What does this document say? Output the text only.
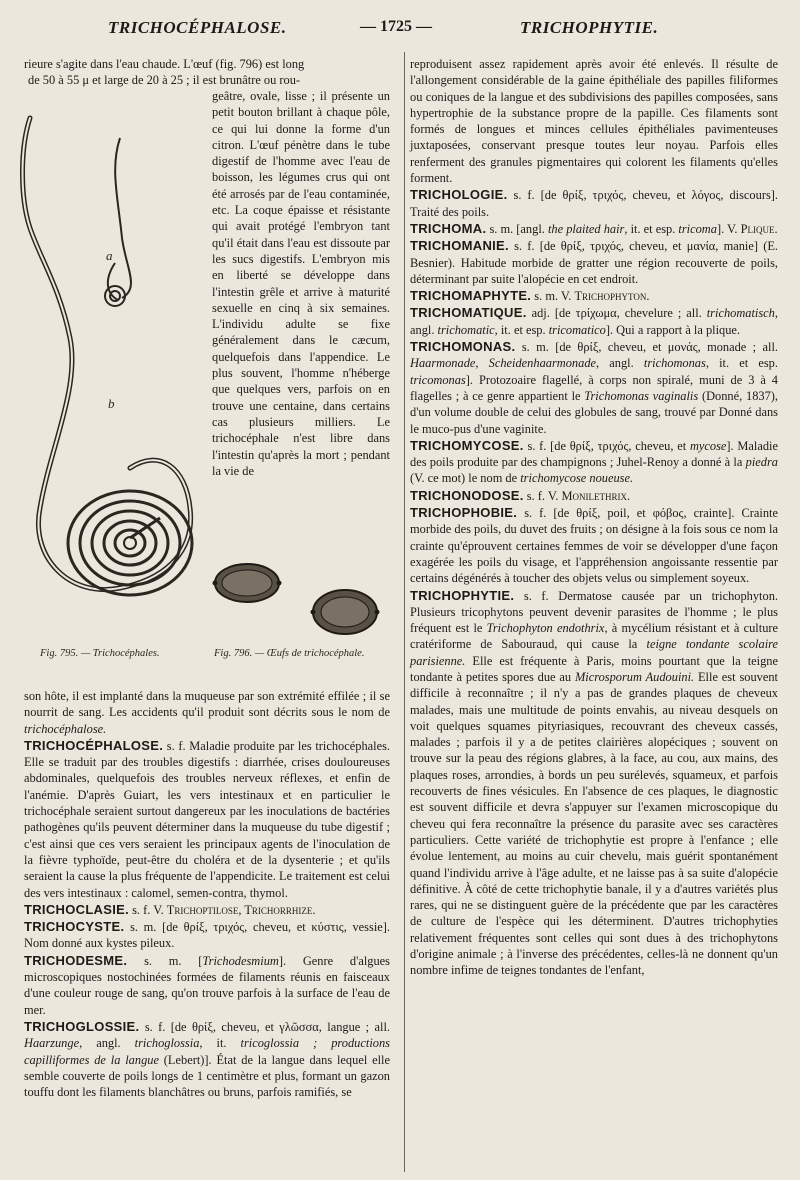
TRICHOCÉPHALOSE.	— 1725 —	TRICHOPHYTIE.

rieure s'agite dans l'eau chaude. L'œuf (fig. 796) est long

de 50 à 55 μ et large de 20 à 25 ; il est brunâtre ou rou-

a
b
Fig. 795. — Trichocéphales.	Fig. 796. — Œufs de trichocéphale.

geâtre, ovale, lisse ; il présente un petit bouton brillant à chaque pôle, ce qui lui donne la forme d'un citron. L'œuf pénètre dans le tube digestif de l'homme avec l'eau de boisson, les légumes crus qui ont été arrosés par de l'eau contaminée, etc. La coque épaisse et résistante qui avait protégé l'embryon tant qu'il était dans l'eau est dissoute par les sucs digestifs. L'embryon mis en liberté se développe dans l'intestin grêle et arrive à maturité sexuelle en cinq à six semaines. L'individu adulte se fixe généralement dans le cæcum, quelquefois dans l'appendice. Le plus souvent, l'homme n'héberge que quelques vers, parfois on en trouve une centaine, dans certains cas plusieurs milliers. Le trichocéphale n'est libre dans l'intestin qu'après la mort ; pendant la vie de

son hôte, il est implanté dans la muqueuse par son extrémité effilée ; il se nourrit de sang. Les accidents qu'il produit sont décrits sous le nom de trichocéphalose.

TRICHOCÉPHALOSE. s. f. Maladie produite par les trichocéphales. Elle se traduit par des troubles digestifs : diarrhée, crises douloureuses abdominales, quelquefois des troubles nerveux réflexes, et enfin de l'anémie. D'après Guiart, les vers intestinaux et en particulier le trichocéphale seraient surtout dangereux par les inoculations de bactéries pathogènes qu'ils peuvent déterminer dans la muqueuse du tube digestif ; c'est ainsi que ces vers seraient les principaux agents de l'inoculation de la fièvre typhoïde, peut-être du choléra et de la dysenterie ; et qu'ils seraient la cause la plus fréquente de l'appendicite. Le traitement est celui des vers intestinaux : calomel, semen-contra, thymol.

TRICHOCLASIE. s. f. V. Trichoptilose, Trichorrhize.

TRICHOCYSTE. s. m. [de θρίξ, τριχός, cheveu, et κύστις, vessie]. Nom donné aux kystes pileux.

TRICHODESME. s. m. [Trichodesmium]. Genre d'algues microscopiques nostochinées formées de filaments réunis en faisceaux d'une couleur rouge de sang, qu'on trouve parfois à la surface de l'eau de mer.

TRICHOGLOSSIE. s. f. [de θρίξ, cheveu, et γλῶσσα, langue ; all. Haarzunge, angl. trichoglossia, it. tricoglossia ; productions capilliformes de la langue (Lebert)]. État de la langue dans lequel elle semble couverte de poils longs de 1 centimètre et plus, formant un gazon touffu dont les filaments blanchâtres ou bruns, parfois ramifiés, se

reproduisent assez rapidement après avoir été enlevés. Il résulte de l'allongement considérable de la gaine épithéliale des papilles filiformes ou coniques de la langue et des subdivisions des papilles composées, sans hypertrophie de la substance propre de la papille. Ces filaments sont formés de longues et minces cellules épithéliales pavimenteuses juxtaposées, conservant presque toutes leur noyau. Parfois elles renferment des granules pigmentaires qui colorent les filaments qu'elles forment.

TRICHOLOGIE. s. f. [de θρίξ, τριχός, cheveu, et λόγος, discours]. Traité des poils.

TRICHOMA. s. m. [angl. the plaited hair, it. et esp. tricoma]. V. Plique.

TRICHOMANIE. s. f. [de θρίξ, τριχός, cheveu, et μανία, manie] (E. Besnier). Habitude morbide de gratter une région recouverte de poils, déterminant par suite l'alopécie en cet endroit.

TRICHOMAPHYTE. s. m. V. Trichophyton.

TRICHOMATIQUE. adj. [de τρίχωμα, chevelure ; all. trichomatisch, angl. trichomatic, it. et esp. tricomatico]. Qui a rapport à la plique.

TRICHOMONAS. s. m. [de θρίξ, cheveu, et μονάς, monade ; all. Haarmonade, Scheidenhaarmonade, angl. trichomonas, it. et esp. tricomonas]. Protozoaire flagellé, à corps non spiralé, muni de 3 à 4 flagelles ; à ce genre appartient le Trichomonas vaginalis (Donné, 1837), d'un volume double de celui des globules de sang, trouvé par Donné dans le muco-pus d'une vaginite.

TRICHOMYCOSE. s. f. [de θρίξ, τριχός, cheveu, et mycose]. Maladie des poils produite par des champignons ; Juhel-Renoy a donné à la piedra (V. ce mot) le nom de trichomycose noueuse.

TRICHONODOSE. s. f. V. Monilethrix.

TRICHOPHOBIE. s. f. [de θρίξ, poil, et φόβος, crainte]. Crainte morbide des poils, du duvet des fruits ; on désigne à la fois sous ce nom la crainte qu'éprouvent certaines femmes de voir se développer d'une façon exagérée les poils du visage, et l'appréhension angoissante ressentie par certains dégénérés à toucher des objets velus ou simplement soyeux.

TRICHOPHYTIE. s. f. Dermatose causée par un trichophyton. Plusieurs tricophytons peuvent devenir parasites de l'homme ; le plus fréquent est le Trichophyton endothrix, à mycélium résistant et à culture cratériforme de Sabouraud, qui cause la teigne tondante scolaire parisienne. Elle est fréquente à Paris, moins pourtant que la teigne tondante à petites spores due au Microsporum Audouini. Elle est souvent difficile à reconnaître ; il n'y a pas de grandes plaques de cheveux malades, mais une multitude de points envahis, au niveau desquels on voit quelques squames pityriasiques, recouvrant des cheveux cassés, malades ; parfois il y a de petites clairières alopéciques ; souvent on trouve sur la peau des régions glabres, à la face, au cou, aux mains, des plaques roses, arrondies, à bords un peu surélevés, squameux, et parfois recouverts de fines vésicules. En l'absence de ces plaques, le diagnostic est souvent difficile et devra s'appuyer sur l'examen microscopique du cheveu qui fera reconnaître la présence du parasite avec ses caractères particuliers. Cette variété de trichophytie est propre à l'enfance ; elle évolue lentement, au moins au cuir chevelu, mais guérit spontanément quand l'individu arrive à l'âge adulte, et ne laisse pas à sa suite d'alopécie définitive. À côté de cette trichophytie banale, il y a d'autres variétés plus rares, qui ne se distinguent guère de la précédente que par les caractères de culture de l'espèce qui les déterminent. D'autres trichophyties relativement fréquentes sont celles qui sont dues à des trichophytons d'origine animale ; à l'inverse des précédentes, celles-là ne donnent qu'un nombre infime de teignes tondantes de l'enfant,
